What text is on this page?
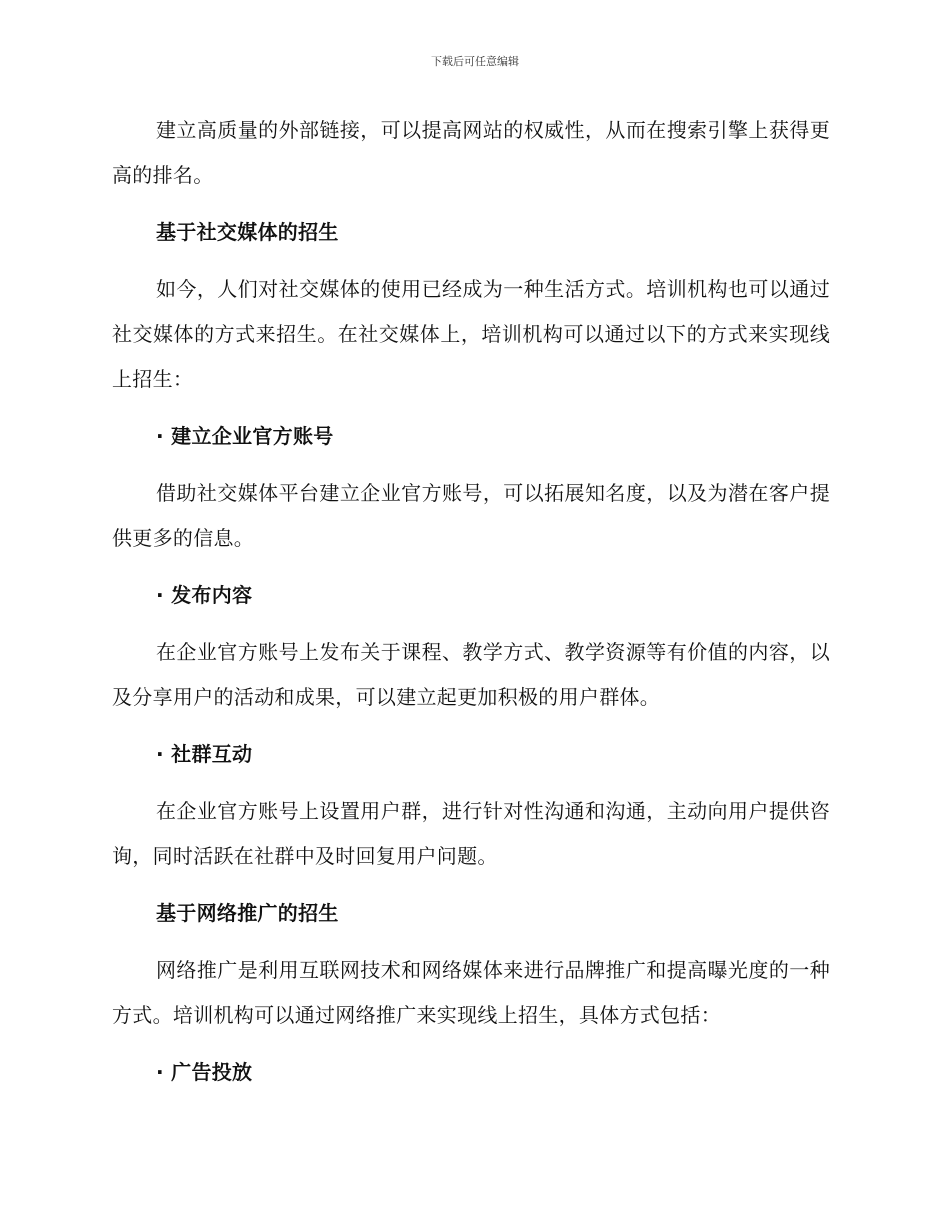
下载后可任意编辑

建立高质量的外部链接，可以提高网站的权威性，从而在搜索引擎上获得更高的排名。

基于社交媒体的招生

如今，人们对社交媒体的使用已经成为一种生活方式。培训机构也可以通过社交媒体的方式来招生。在社交媒体上，培训机构可以通过以下的方式来实现线上招生：

· 建立企业官方账号

借助社交媒体平台建立企业官方账号，可以拓展知名度，以及为潜在客户提供更多的信息。

· 发布内容

在企业官方账号上发布关于课程、教学方式、教学资源等有价值的内容，以及分享用户的活动和成果，可以建立起更加积极的用户群体。

· 社群互动

在企业官方账号上设置用户群，进行针对性沟通和沟通，主动向用户提供咨询，同时活跃在社群中及时回复用户问题。

基于网络推广的招生

网络推广是利用互联网技术和网络媒体来进行品牌推广和提高曝光度的一种方式。培训机构可以通过网络推广来实现线上招生，具体方式包括：

· 广告投放
